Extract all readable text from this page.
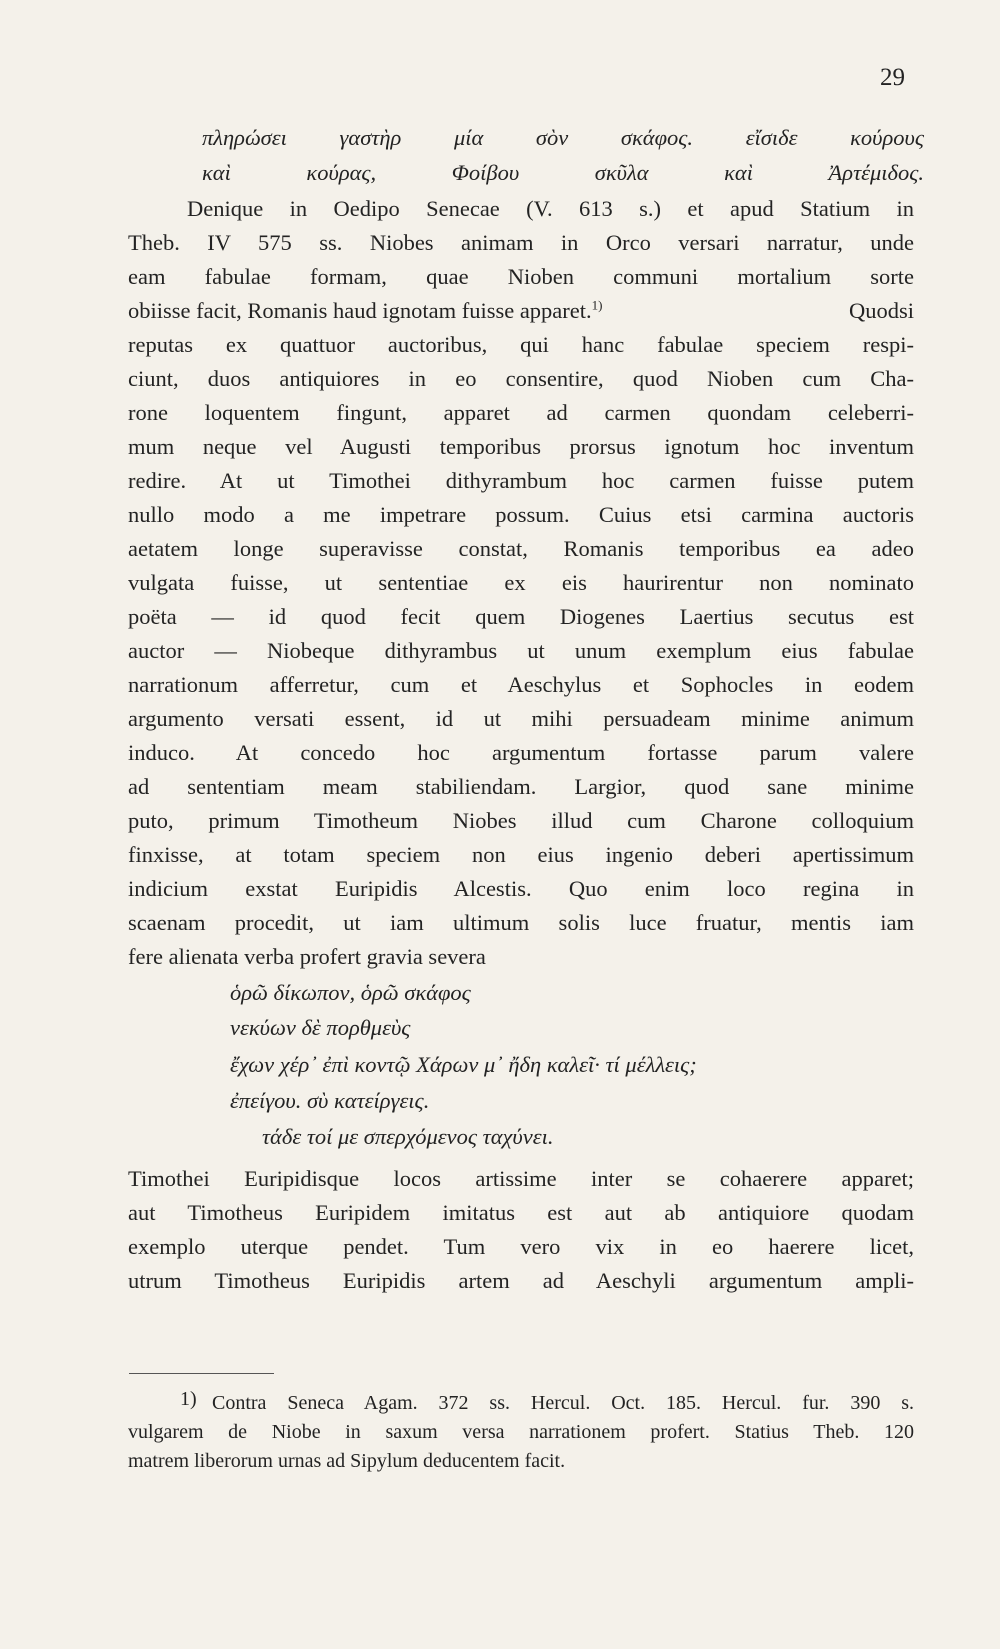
29
πληρώσει γαστὴρ μία σὸν σκάφος. εἴσιδε κούρους
καὶ κούρας, Φοίβου σκῦλα καὶ Ἀρτέμιδος.
Denique in Oedipo Senecae (V. 613 s.) et apud Statium in
Theb. IV 575 ss. Niobes animam in Orco versari narratur, unde
eam fabulae formam, quae Nioben communi mortalium sorte
obiisse facit, Romanis haud ignotam fuisse apparet.$^{1)}$	Quodsi
reputas ex quattuor auctoribus, qui hanc fabulae speciem respi-
ciunt, duos antiquiores in eo consentire, quod Nioben cum Cha-
rone loquentem fingunt, apparet ad carmen quondam celeberri-
mum neque vel Augusti temporibus prorsus ignotum hoc inventum
redire. At ut Timothei dithyrambum hoc carmen fuisse putem
nullo modo a me impetrare possum. Cuius etsi carmina auctoris
aetatem longe superavisse constat, Romanis temporibus ea adeo
vulgata fuisse, ut sententiae ex eis haurirentur non nominato
poëta — id quod fecit quem Diogenes Laertius secutus est
auctor — Niobeque dithyrambus ut unum exemplum eius fabulae
narrationum afferretur, cum et Aeschylus et Sophocles in eodem
argumento versati essent, id ut mihi persuadeam minime animum
induco. At concedo hoc argumentum fortasse parum valere
ad sententiam meam stabiliendam. Largior, quod sane minime
puto, primum Timotheum Niobes illud cum Charone colloquium
finxisse, at totam speciem non eius ingenio deberi apertissimum
indicium exstat Euripidis Alcestis. Quo enim loco regina in
scaenam procedit, ut iam ultimum solis luce fruatur, mentis iam
fere alienata verba profert gravia severa
ὁρῶ δίκωπον, ὁρῶ σκάφος
νεκύων δὲ πορθμεὺς
ἔχων χέρ᾽ ἐπὶ κοντῷ Χάρων μ᾽ ἤδη καλεῖ· τί μέλλεις;
ἐπείγου. σὺ κατείργεις.
τάδε τοί με σπερχόμενος ταχύνει.
Timothei Euripidisque locos artissime inter se cohaerere apparet;
aut Timotheus Euripidem imitatus est aut ab antiquiore quodam
exemplo uterque pendet. Tum vero vix in eo haerere licet,
utrum Timotheus Euripidis artem ad Aeschyli argumentum ampli-
Contra Seneca Agam. 372 ss. Hercul. Oct. 185. Hercul. fur. 390 s.
vulgarem de Niobe in saxum versa narrationem profert. Statius Theb. 120
matrem liberorum urnas ad Sipylum deducentem facit.
1)
